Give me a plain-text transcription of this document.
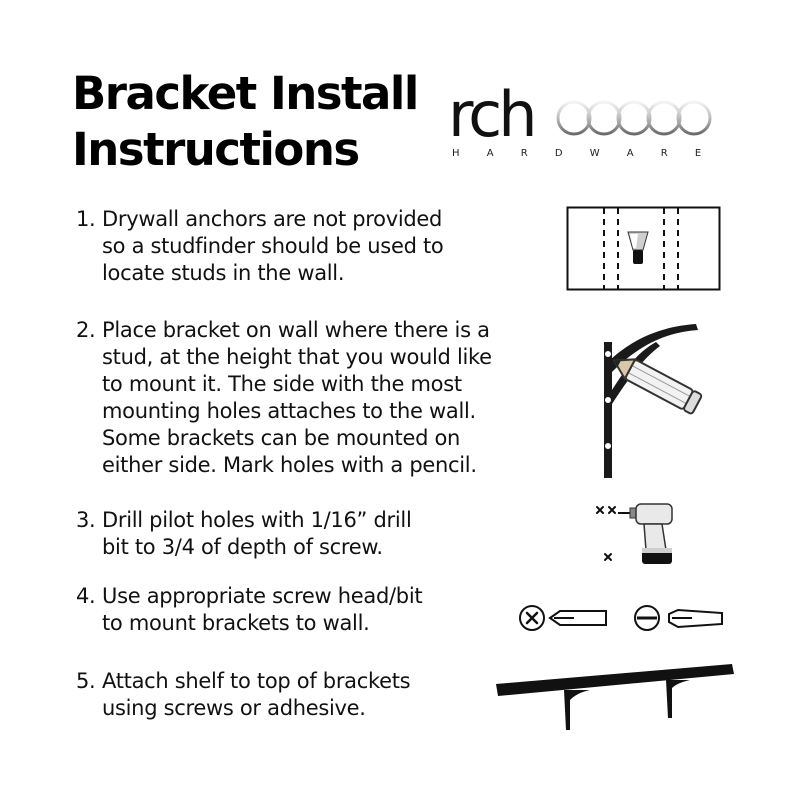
Bracket Install
Instructions	rch
H A R D W A R E
1. Drywall anchors are not provided
so a studfinder should be used to
locate studs in the wall.
2. Place bracket on wall where there is a
stud, at the height that you would like
to mount it. The side with the most
mounting holes attaches to the wall.
Some brackets can be mounted on
either side. Mark holes with a pencil.
3. Drill pilot holes with 1/16” drill
bit to 3/4 of depth of screw.
4. Use appropriate screw head/bit
to mount brackets to wall.
5. Attach shelf to top of brackets
using screws or adhesive.
